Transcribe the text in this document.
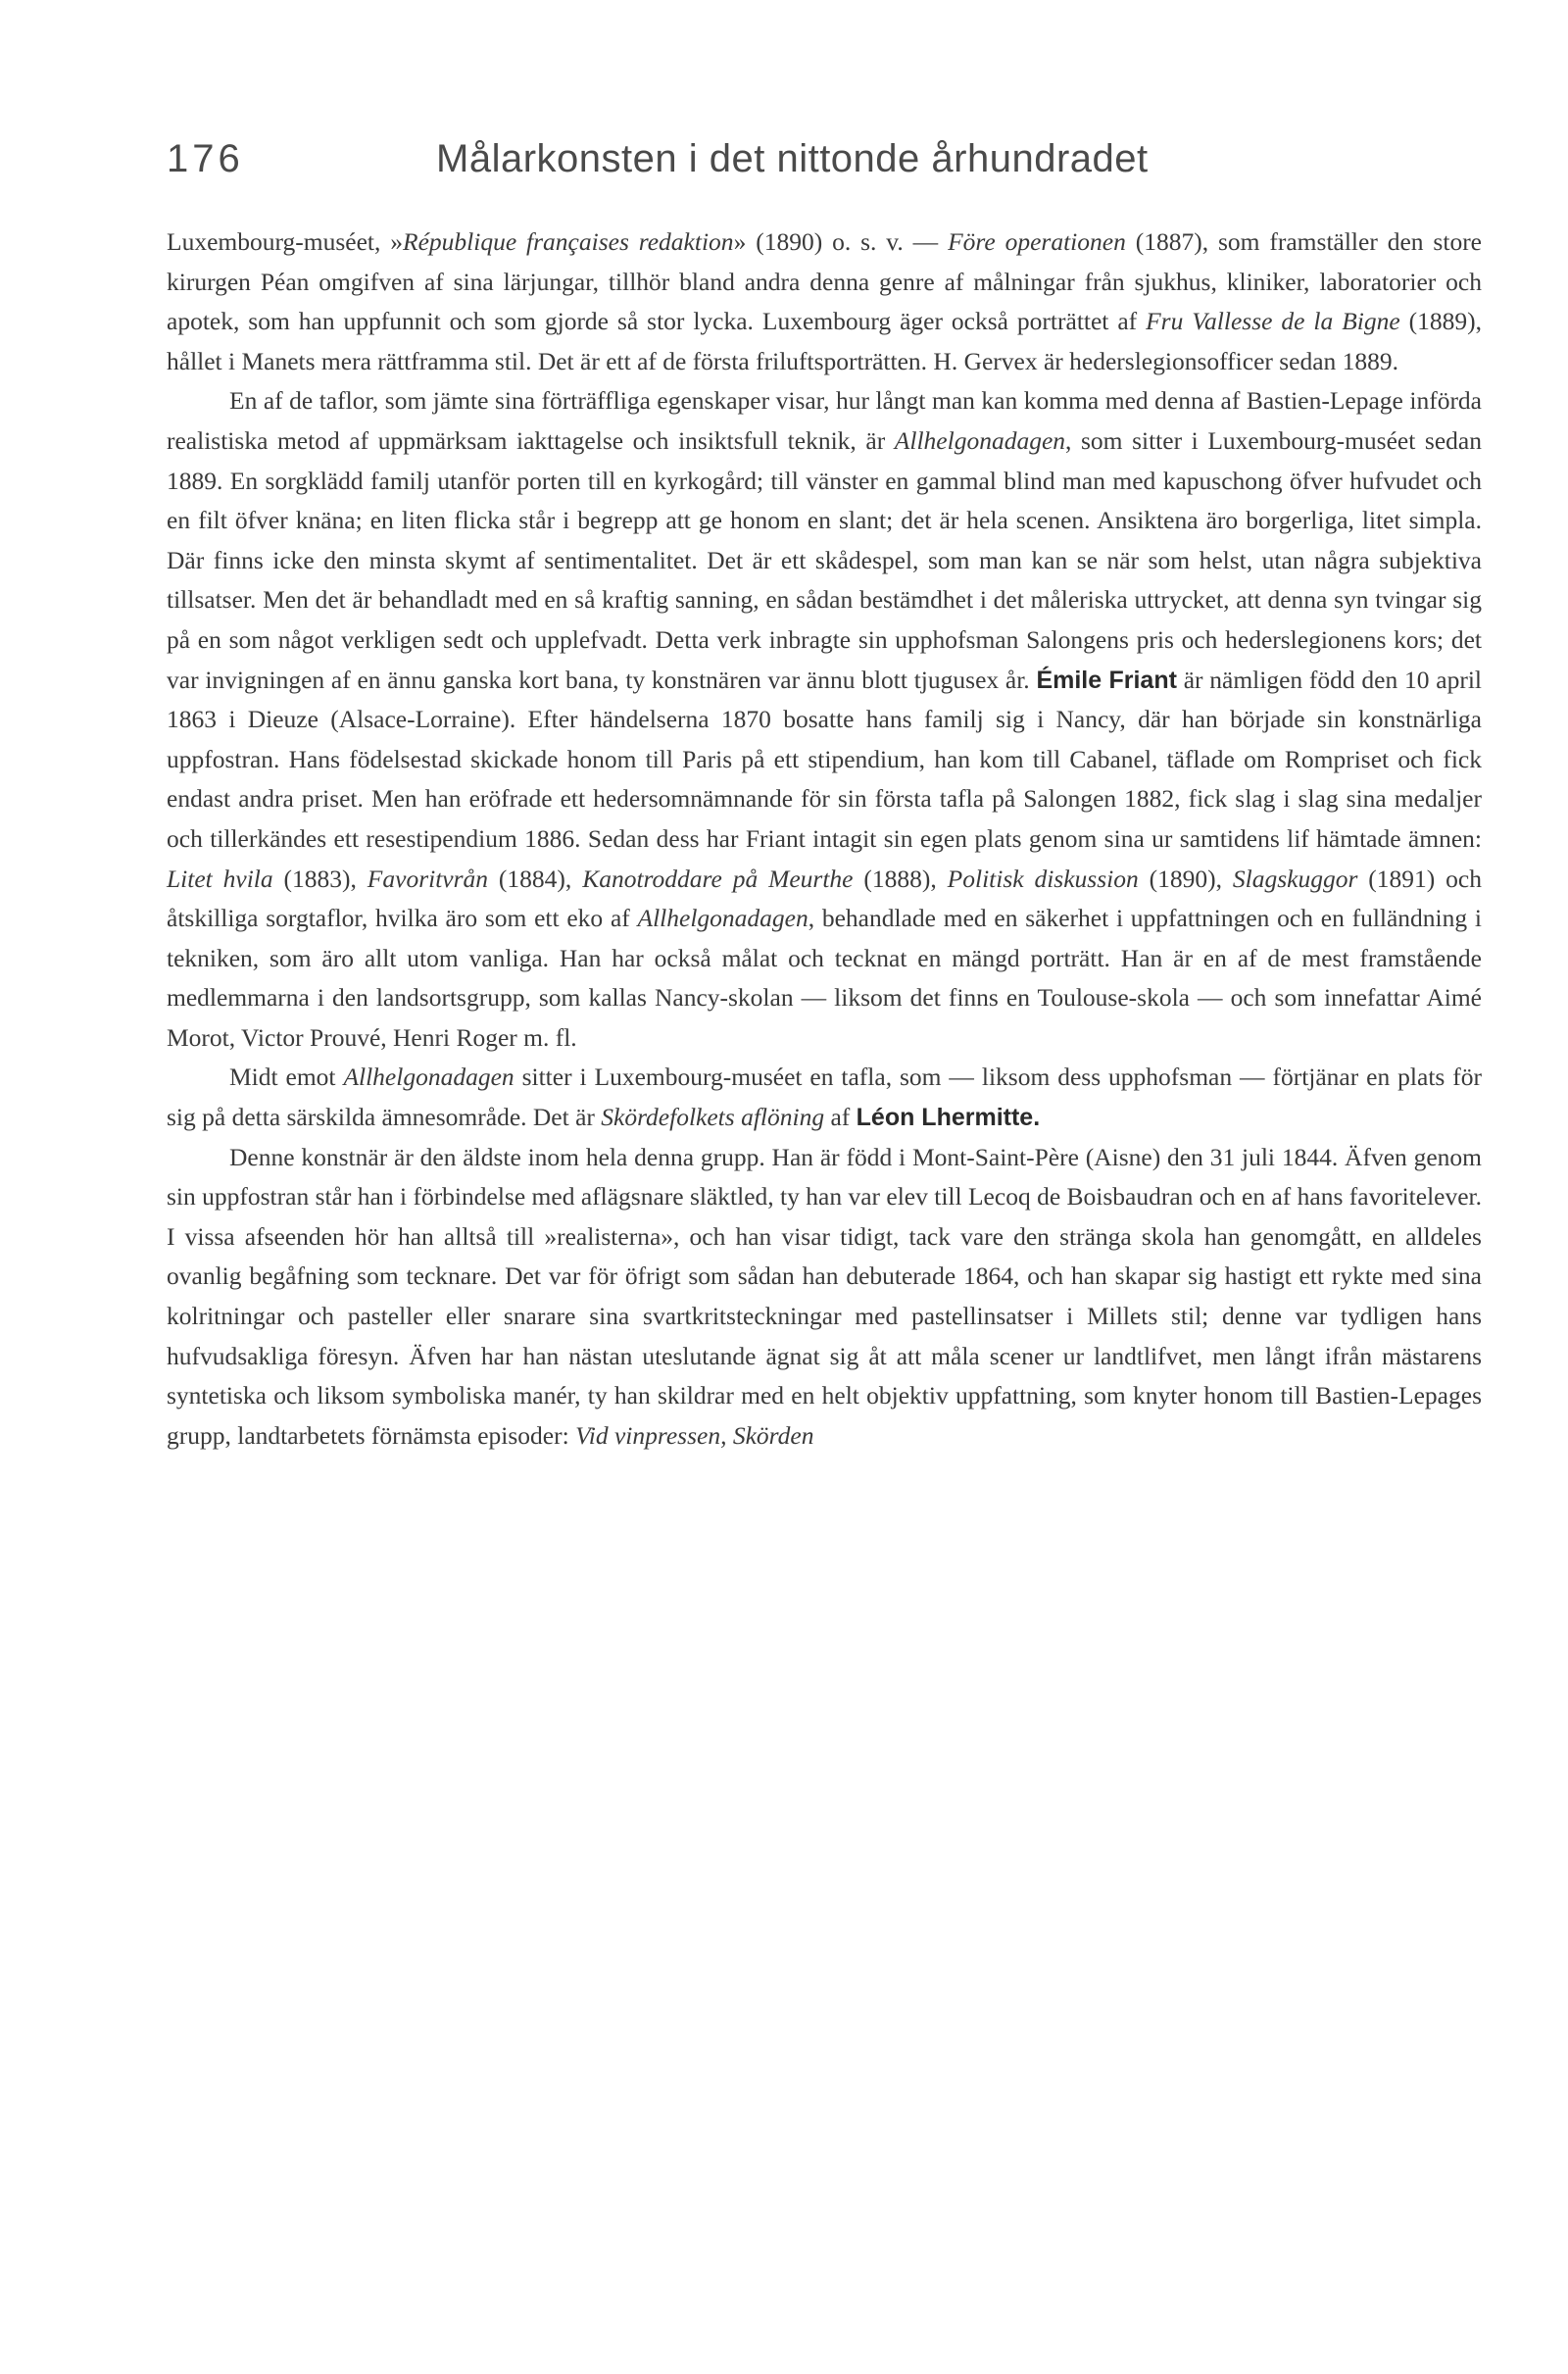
176	Målarkonsten i det nittonde århundradet

Luxembourg-muséet, »République françaises redaktion» (1890) o. s. v. — Före operationen (1887), som framställer den store kirurgen Péan omgifven af sina lärjungar, tillhör bland andra denna genre af målningar från sjukhus, kliniker, laboratorier och apotek, som han uppfunnit och som gjorde så stor lycka. Luxembourg äger också porträttet af Fru Vallesse de la Bigne (1889), hållet i Manets mera rättframma stil. Det är ett af de första friluftsporträtten. H. Gervex är hederslegionsofficer sedan 1889.

En af de taflor, som jämte sina förträffliga egenskaper visar, hur långt man kan komma med denna af Bastien-Lepage införda realistiska metod af uppmärksam iakttagelse och insiktsfull teknik, är Allhelgonadagen, som sitter i Luxembourg-muséet sedan 1889. En sorgklädd familj utanför porten till en kyrkogård; till vänster en gammal blind man med kapuschong öfver hufvudet och en filt öfver knäna; en liten flicka står i begrepp att ge honom en slant; det är hela scenen. Ansiktena äro borgerliga, litet simpla. Där finns icke den minsta skymt af sentimentalitet. Det är ett skådespel, som man kan se när som helst, utan några subjektiva tillsatser. Men det är behandladt med en så kraftig sanning, en sådan bestämdhet i det måleriska uttrycket, att denna syn tvingar sig på en som något verkligen sedt och upplefvadt. Detta verk inbragte sin upphofsman Salongens pris och hederslegionens kors; det var invigningen af en ännu ganska kort bana, ty konstnären var ännu blott tjugusex år. Émile Friant är nämligen född den 10 april 1863 i Dieuze (Alsace-Lorraine). Efter händelserna 1870 bosatte hans familj sig i Nancy, där han började sin konstnärliga uppfostran. Hans födelsestad skickade honom till Paris på ett stipendium, han kom till Cabanel, täflade om Rompriset och fick endast andra priset. Men han eröfrade ett hedersomnämnande för sin första tafla på Salongen 1882, fick slag i slag sina medaljer och tillerkändes ett resestipendium 1886. Sedan dess har Friant intagit sin egen plats genom sina ur samtidens lif hämtade ämnen: Litet hvila (1883), Favoritvrån (1884), Kanotroddare på Meurthe (1888), Politisk diskussion (1890), Slagskuggor (1891) och åtskilliga sorgtaflor, hvilka äro som ett eko af Allhelgonadagen, behandlade med en säkerhet i uppfattningen och en fulländning i tekniken, som äro allt utom vanliga. Han har också målat och tecknat en mängd porträtt. Han är en af de mest framstående medlemmarna i den landsortsgrupp, som kallas Nancy-skolan — liksom det finns en Toulouse-skola — och som innefattar Aimé Morot, Victor Prouvé, Henri Roger m. fl.

Midt emot Allhelgonadagen sitter i Luxembourg-muséet en tafla, som — liksom dess upphofsman — förtjänar en plats för sig på detta särskilda ämnesområde. Det är Skördefolkets aflöning af Léon Lhermitte.

Denne konstnär är den äldste inom hela denna grupp. Han är född i Mont-Saint-Père (Aisne) den 31 juli 1844. Äfven genom sin uppfostran står han i förbindelse med aflägsnare släktled, ty han var elev till Lecoq de Boisbaudran och en af hans favoritelever. I vissa afseenden hör han alltså till »realisterna», och han visar tidigt, tack vare den stränga skola han genomgått, en alldeles ovanlig begåfning som tecknare. Det var för öfrigt som sådan han debuterade 1864, och han skapar sig hastigt ett rykte med sina kolritningar och pasteller eller snarare sina svartkritsteckningar med pastellinsatser i Millets stil; denne var tydligen hans hufvudsakliga föresyn. Äfven har han nästan uteslutande ägnat sig åt att måla scener ur landtlifvet, men långt ifrån mästarens syntetiska och liksom symboliska manér, ty han skildrar med en helt objektiv uppfattning, som knyter honom till Bastien-Lepages grupp, landtarbetets förnämsta episoder: Vid vinpressen, Skörden
